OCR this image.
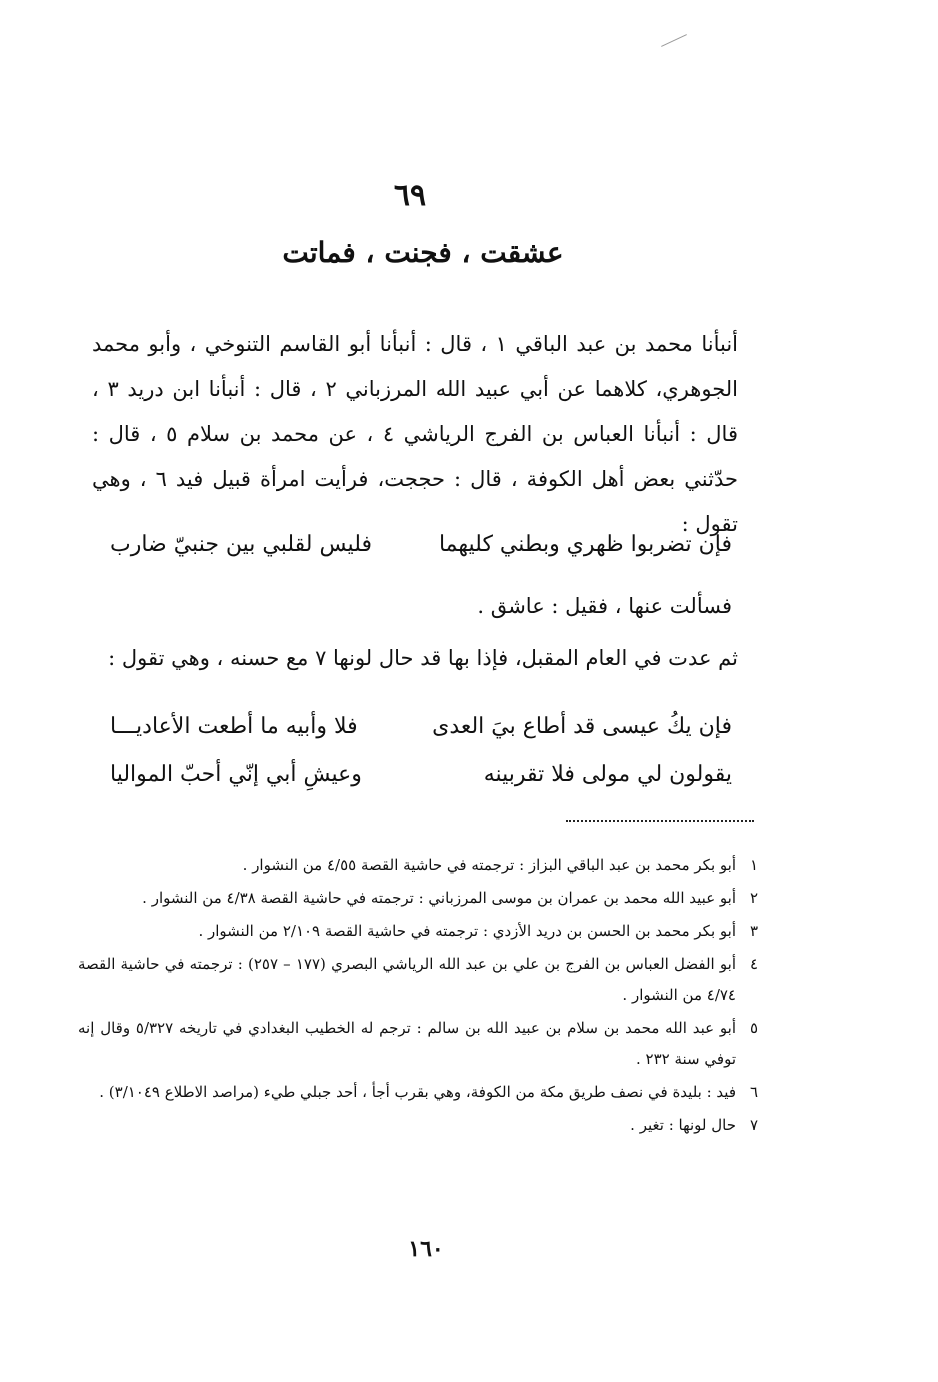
٦٩
عشقت ، فجنت ، فماتت

أنبأنا محمد بن عبد الباقي ١ ، قال : أنبأنا أبو القاسم التنوخي ، وأبو محمد الجوهري، كلاهما عن أبي عبيد الله المرزباني ٢ ، قال : أنبأنا ابن دريد ٣ ، قال : أنبأنا العباس بن الفرج الرياشي ٤ ، عن محمد بن سلام ٥ ، قال : حدّثني بعض أهل الكوفة ، قال : حججت، فرأيت امرأة قبيل فيد ٦ ، وهي تقول :

فإن تضربوا ظهري وبطني كليهما
فليس لقلبي بين جنبيّ ضارب
فسألت عنها ، فقيل : عاشق .
ثم عدت في العام المقبل، فإذا بها قد حال لونها ٧ مع حسنه ، وهي تقول :
فإن يكُ عيسى قد أطاع بيَ العدى
فلا وأبيه ما أطعت الأعاديـــا
يقولون لي مولى فلا تقربينه
وعيشِ أبي إنّي أحبّ المواليا
١
أبو بكر محمد بن عبد الباقي البزاز : ترجمته في حاشية القصة ٤/٥٥ من النشوار .
٢
أبو عبيد الله محمد بن عمران بن موسى المرزباني : ترجمته في حاشية القصة ٤/٣٨ من النشوار .
٣
أبو بكر محمد بن الحسن بن دريد الأزدي : ترجمته في حاشية القصة ٢/١٠٩ من النشوار .
٤
أبو الفضل العباس بن الفرج بن علي بن عبد الله الرياشي البصري (١٧٧ – ٢٥٧) : ترجمته في حاشية القصة ٤/٧٤ من النشوار .
٥
أبو عبد الله محمد بن سلام بن عبيد الله بن سالم : ترجم له الخطيب البغدادي في تاريخه ٥/٣٢٧ وقال إنه توفي سنة ٢٣٢ .
٦
فيد : بليدة في نصف طريق مكة من الكوفة، وهي بقرب أجأ ، أحد جبلي طيء (مراصد الاطلاع ٣/١٠٤٩) .
٧
حال لونها : تغير .
١٦٠
